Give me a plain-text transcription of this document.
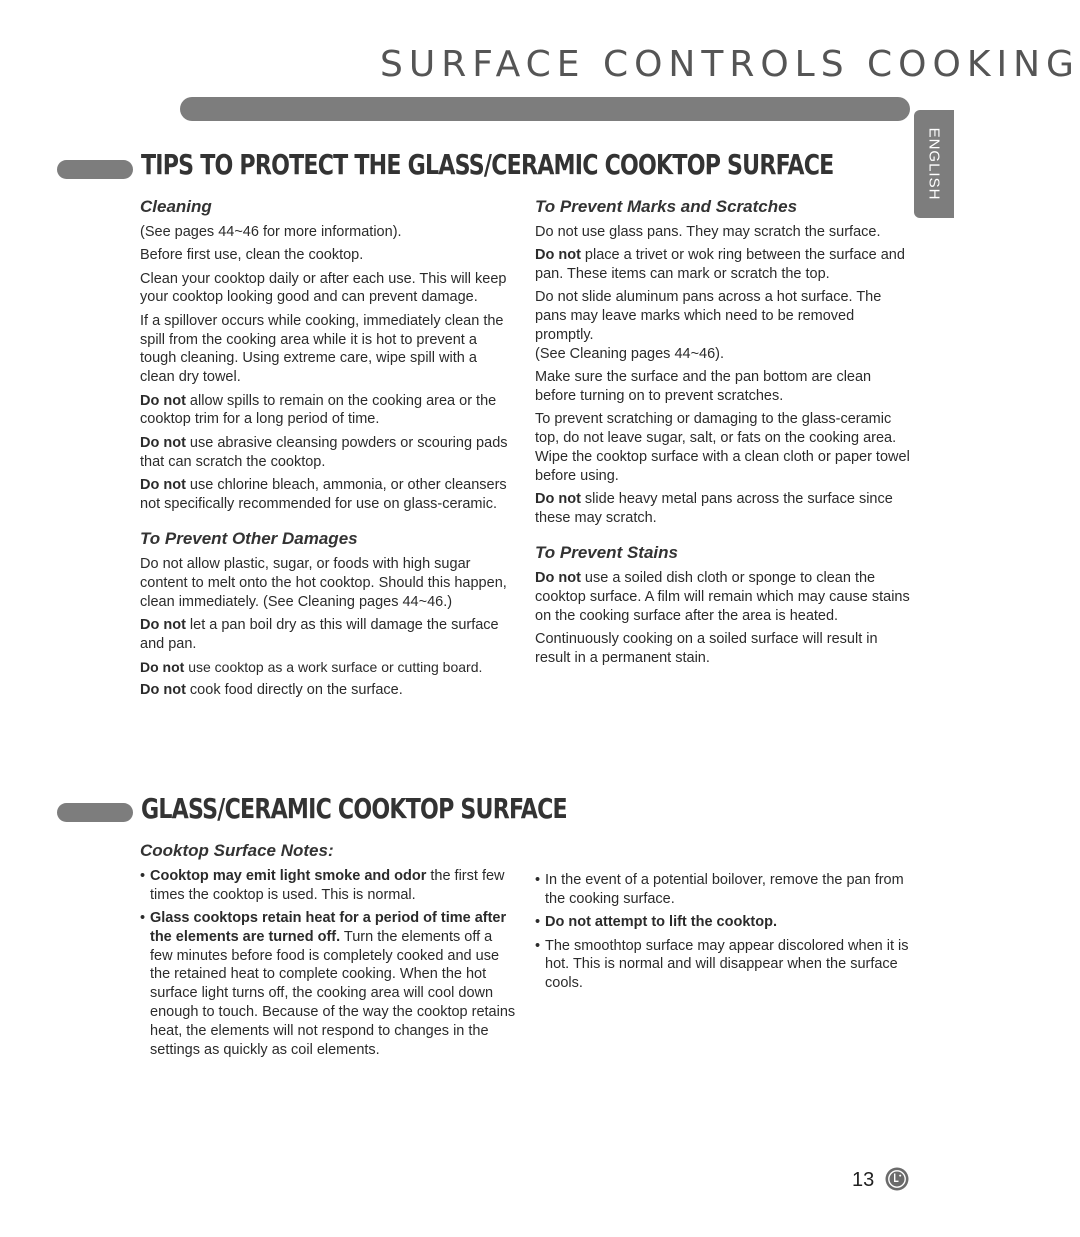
SURFACE CONTROLS COOKING
ENGLISH
TIPS TO PROTECT THE GLASS/CERAMIC COOKTOP SURFACE
Cleaning

(See pages 44~46 for more information).

Before first use, clean the cooktop.

Clean your cooktop daily or after each use. This will keep your cooktop looking good and can prevent damage.

If a spillover occurs while cooking, immediately clean the spill from the cooking area while it is hot to prevent a tough cleaning. Using extreme care, wipe spill with a clean dry towel.

Do not allow spills to remain on the cooking area or the cooktop trim for a long period of time.

Do not use abrasive cleansing powders or scouring pads that can scratch the cooktop.

Do not use chlorine bleach, ammonia, or other cleansers not specifically recommended for use on glass-ceramic.

To Prevent Other Damages

Do not allow plastic, sugar, or foods with high sugar content to melt onto the hot cooktop. Should this happen, clean immediately. (See Cleaning pages 44~46.)

Do not let a pan boil dry as this will damage the surface and pan.

Do not use cooktop as a work surface or cutting board.

Do not cook food directly on the surface.

To Prevent Marks and Scratches

Do not use glass pans. They may scratch the surface.

Do not place a trivet or wok ring between the surface and pan. These items can mark or scratch the top.

Do not slide aluminum pans across a hot surface. The pans may leave marks which need to be removed promptly.
(See Cleaning pages 44~46).

Make sure the surface and the pan bottom are clean before turning on to prevent scratches.

To prevent scratching or damaging to the glass-ceramic top, do not leave sugar, salt, or fats on the cooking area. Wipe the cooktop surface with a clean cloth or paper towel before using.

Do not slide heavy metal pans across the surface since these may scratch.

To Prevent Stains

Do not use a soiled dish cloth or sponge to clean the cooktop surface. A film will remain which may cause stains on the cooking surface after the area is heated.

Continuously cooking on a soiled surface will result in result in a permanent stain.

GLASS/CERAMIC COOKTOP SURFACE
Cooktop Surface Notes:
• Cooktop may emit light smoke and odor the first few times the cooktop is used. This is normal.
• Glass cooktops retain heat for a period of time after the elements are turned off. Turn the elements off a few minutes before food is completely cooked and use the retained heat to complete cooking. When the hot surface light turns off, the cooking area will cool down enough to touch. Because of the way the cooktop retains heat, the elements will not respond to changes in the settings as quickly as coil elements.
• In the event of a potential boilover, remove the pan from the cooking surface.
• Do not attempt to lift the cooktop.
• The smoothtop surface may appear discolored when it is hot. This is normal and will disappear when the surface cools.
13
